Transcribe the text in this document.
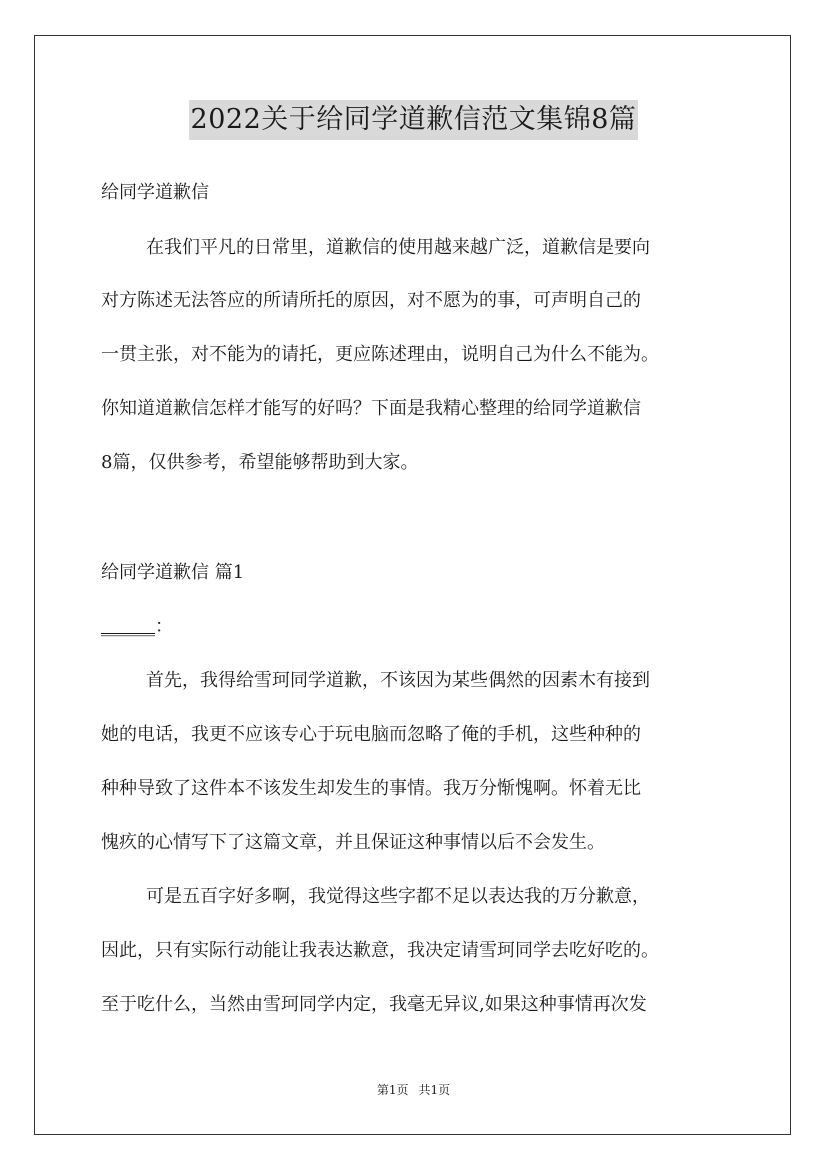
2022关于给同学道歉信范文集锦8篇
给同学道歉信
在我们平凡的日常里，道歉信的使用越来越广泛，道歉信是要向
对方陈述无法答应的所请所托的原因，对不愿为的事，可声明自己的
一贯主张，对不能为的请托，更应陈述理由，说明自己为什么不能为。
你知道道歉信怎样才能写的好吗？下面是我精心整理的给同学道歉信
8篇，仅供参考，希望能够帮助到大家。
给同学道歉信 篇1
______：
首先，我得给雪珂同学道歉，不该因为某些偶然的因素木有接到
她的电话，我更不应该专心于玩电脑而忽略了俺的手机，这些种种的
种种导致了这件本不该发生却发生的事情。我万分惭愧啊。怀着无比
愧疚的心情写下了这篇文章，并且保证这种事情以后不会发生。
可是五百字好多啊，我觉得这些字都不足以表达我的万分歉意，
因此，只有实际行动能让我表达歉意，我决定请雪珂同学去吃好吃的。
至于吃什么，当然由雪珂同学内定，我毫无异议,如果这种事情再次发
第1页 共1页
